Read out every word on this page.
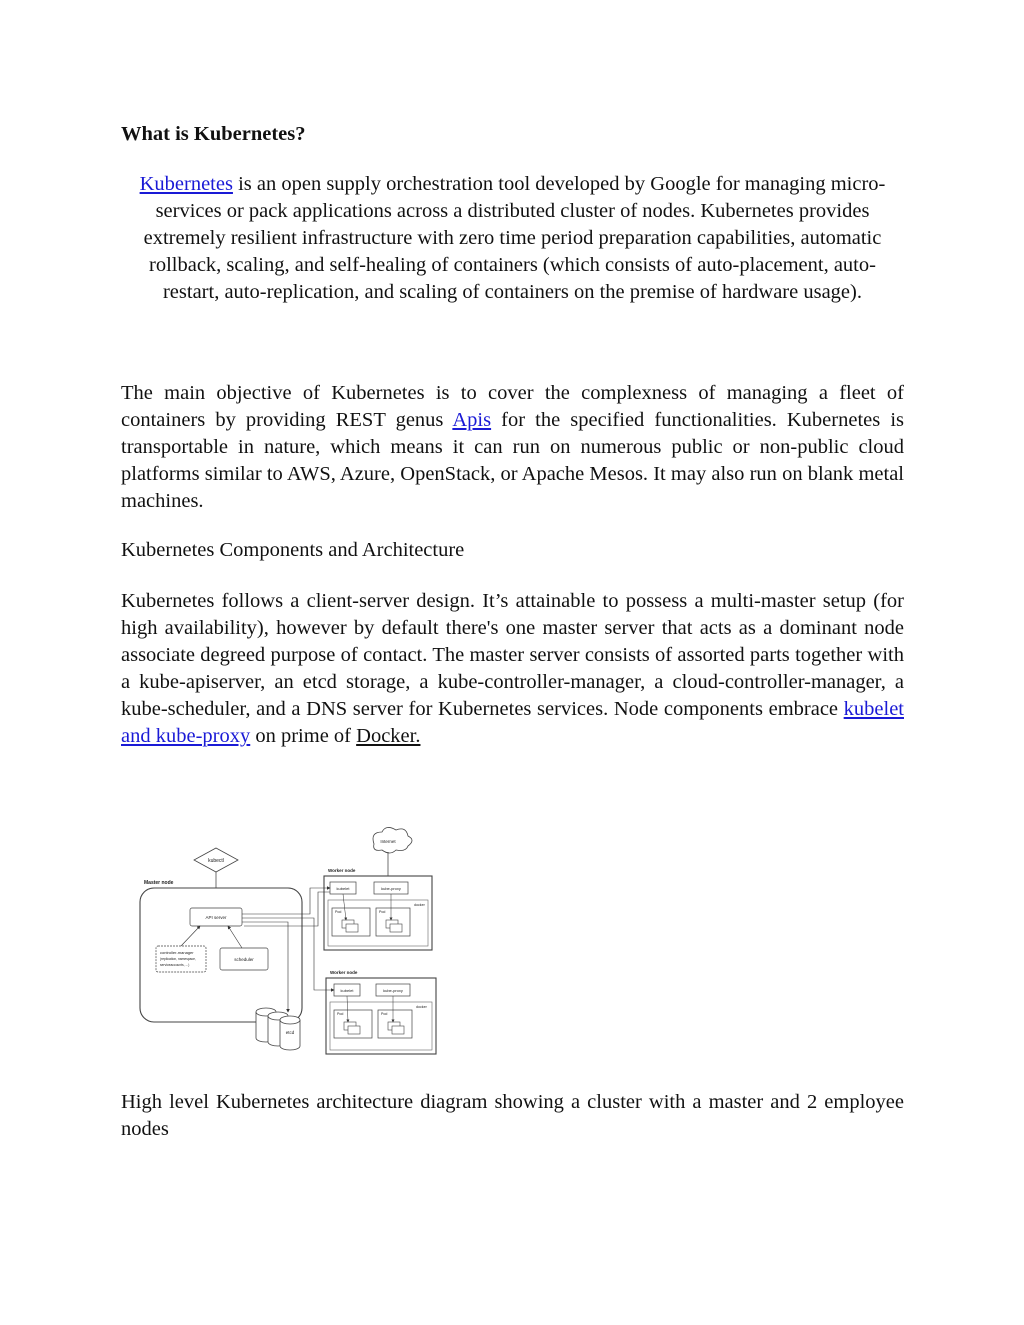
What is Kubernetes?

Kubernetes is an open supply orchestration tool developed by Google for managing micro-services or pack applications across a distributed cluster of nodes. Kubernetes provides extremely resilient infrastructure with zero time period preparation capabilities, automatic rollback, scaling, and self-healing of containers (which consists of auto-placement, auto-restart, auto-replication, and scaling of containers on the premise of hardware usage).

The main objective of Kubernetes is to cover the complexness of managing a fleet of containers by providing REST genus Apis for the specified functionalities. Kubernetes is transportable in nature, which means it can run on numerous public or non-public cloud platforms similar to AWS, Azure, OpenStack, or Apache Mesos. It may also run on blank metal machines.

Kubernetes Components and Architecture

Kubernetes follows a client-server design. It’s attainable to possess a multi-master setup (for high availability), however by default there's one master server that acts as a dominant node associate degreed purpose of contact. The master server consists of assorted parts together with a kube-apiserver, an etcd storage, a kube-controller-manager, a cloud-controller-manager, a kube-scheduler, and a DNS server for Kubernetes services. Node components embrace kubelet and kube-proxy on prime of Docker.

kubectl
Master node
API server
controller-manager
(replication, namespace,
serviceaccounts, ...)
scheduler
etcd
Internet
Worker node
kubelet	kube-proxy
docker
Pod	Pod
Worker node
kubelet	kube-proxy
docker
Pod	Pod

High level Kubernetes architecture diagram showing a cluster with a master and 2 employee nodes
